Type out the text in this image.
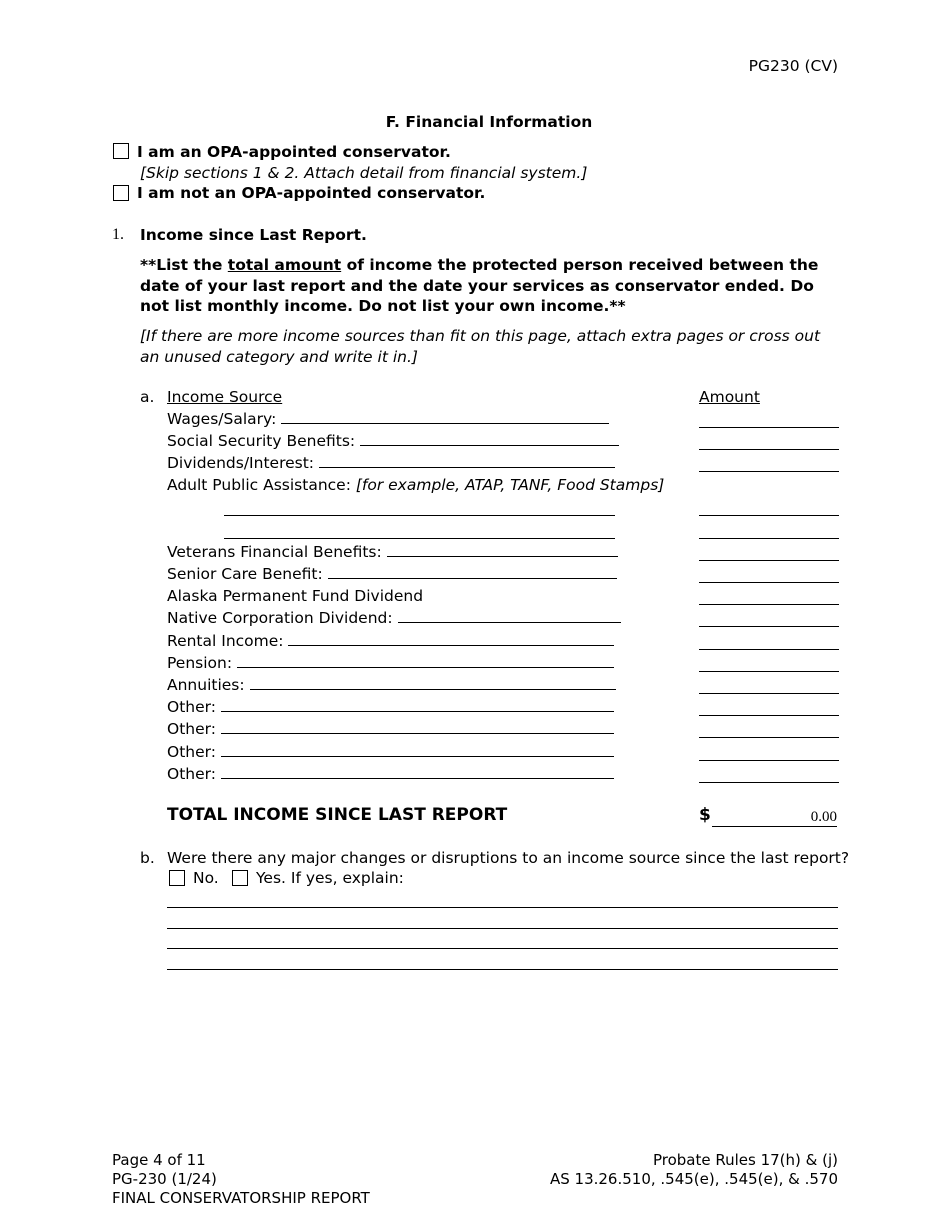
PG230 (CV)
F. Financial Information
I am an OPA-appointed conservator.
[Skip sections 1 & 2. Attach detail from financial system.]
I am not an OPA-appointed conservator.
1. Income since Last Report.
**List the total amount of income the protected person received between the date of your last report and the date your services as conservator ended. Do not list monthly income. Do not list your own income.**
[If there are more income sources than fit on this page, attach extra pages or cross out an unused category and write it in.]
a. Income Source	Amount
Wages/Salary:
Social Security Benefits:
Dividends/Interest:
Adult Public Assistance: [for example, ATAP, TANF, Food Stamps]
Veterans Financial Benefits:
Senior Care Benefit:
Alaska Permanent Fund Dividend
Native Corporation Dividend:
Rental Income:
Pension:
Annuities:
Other:
Other:
Other:
Other:
TOTAL INCOME SINCE LAST REPORT	$	0.00
b. Were there any major changes or disruptions to an income source since the last report?
No. Yes. If yes, explain:
Page 4 of 11
PG-230 (1/24)
FINAL CONSERVATORSHIP REPORT
Probate Rules 17(h) & (j)
AS 13.26.510, .545(e), .545(e), & .570
